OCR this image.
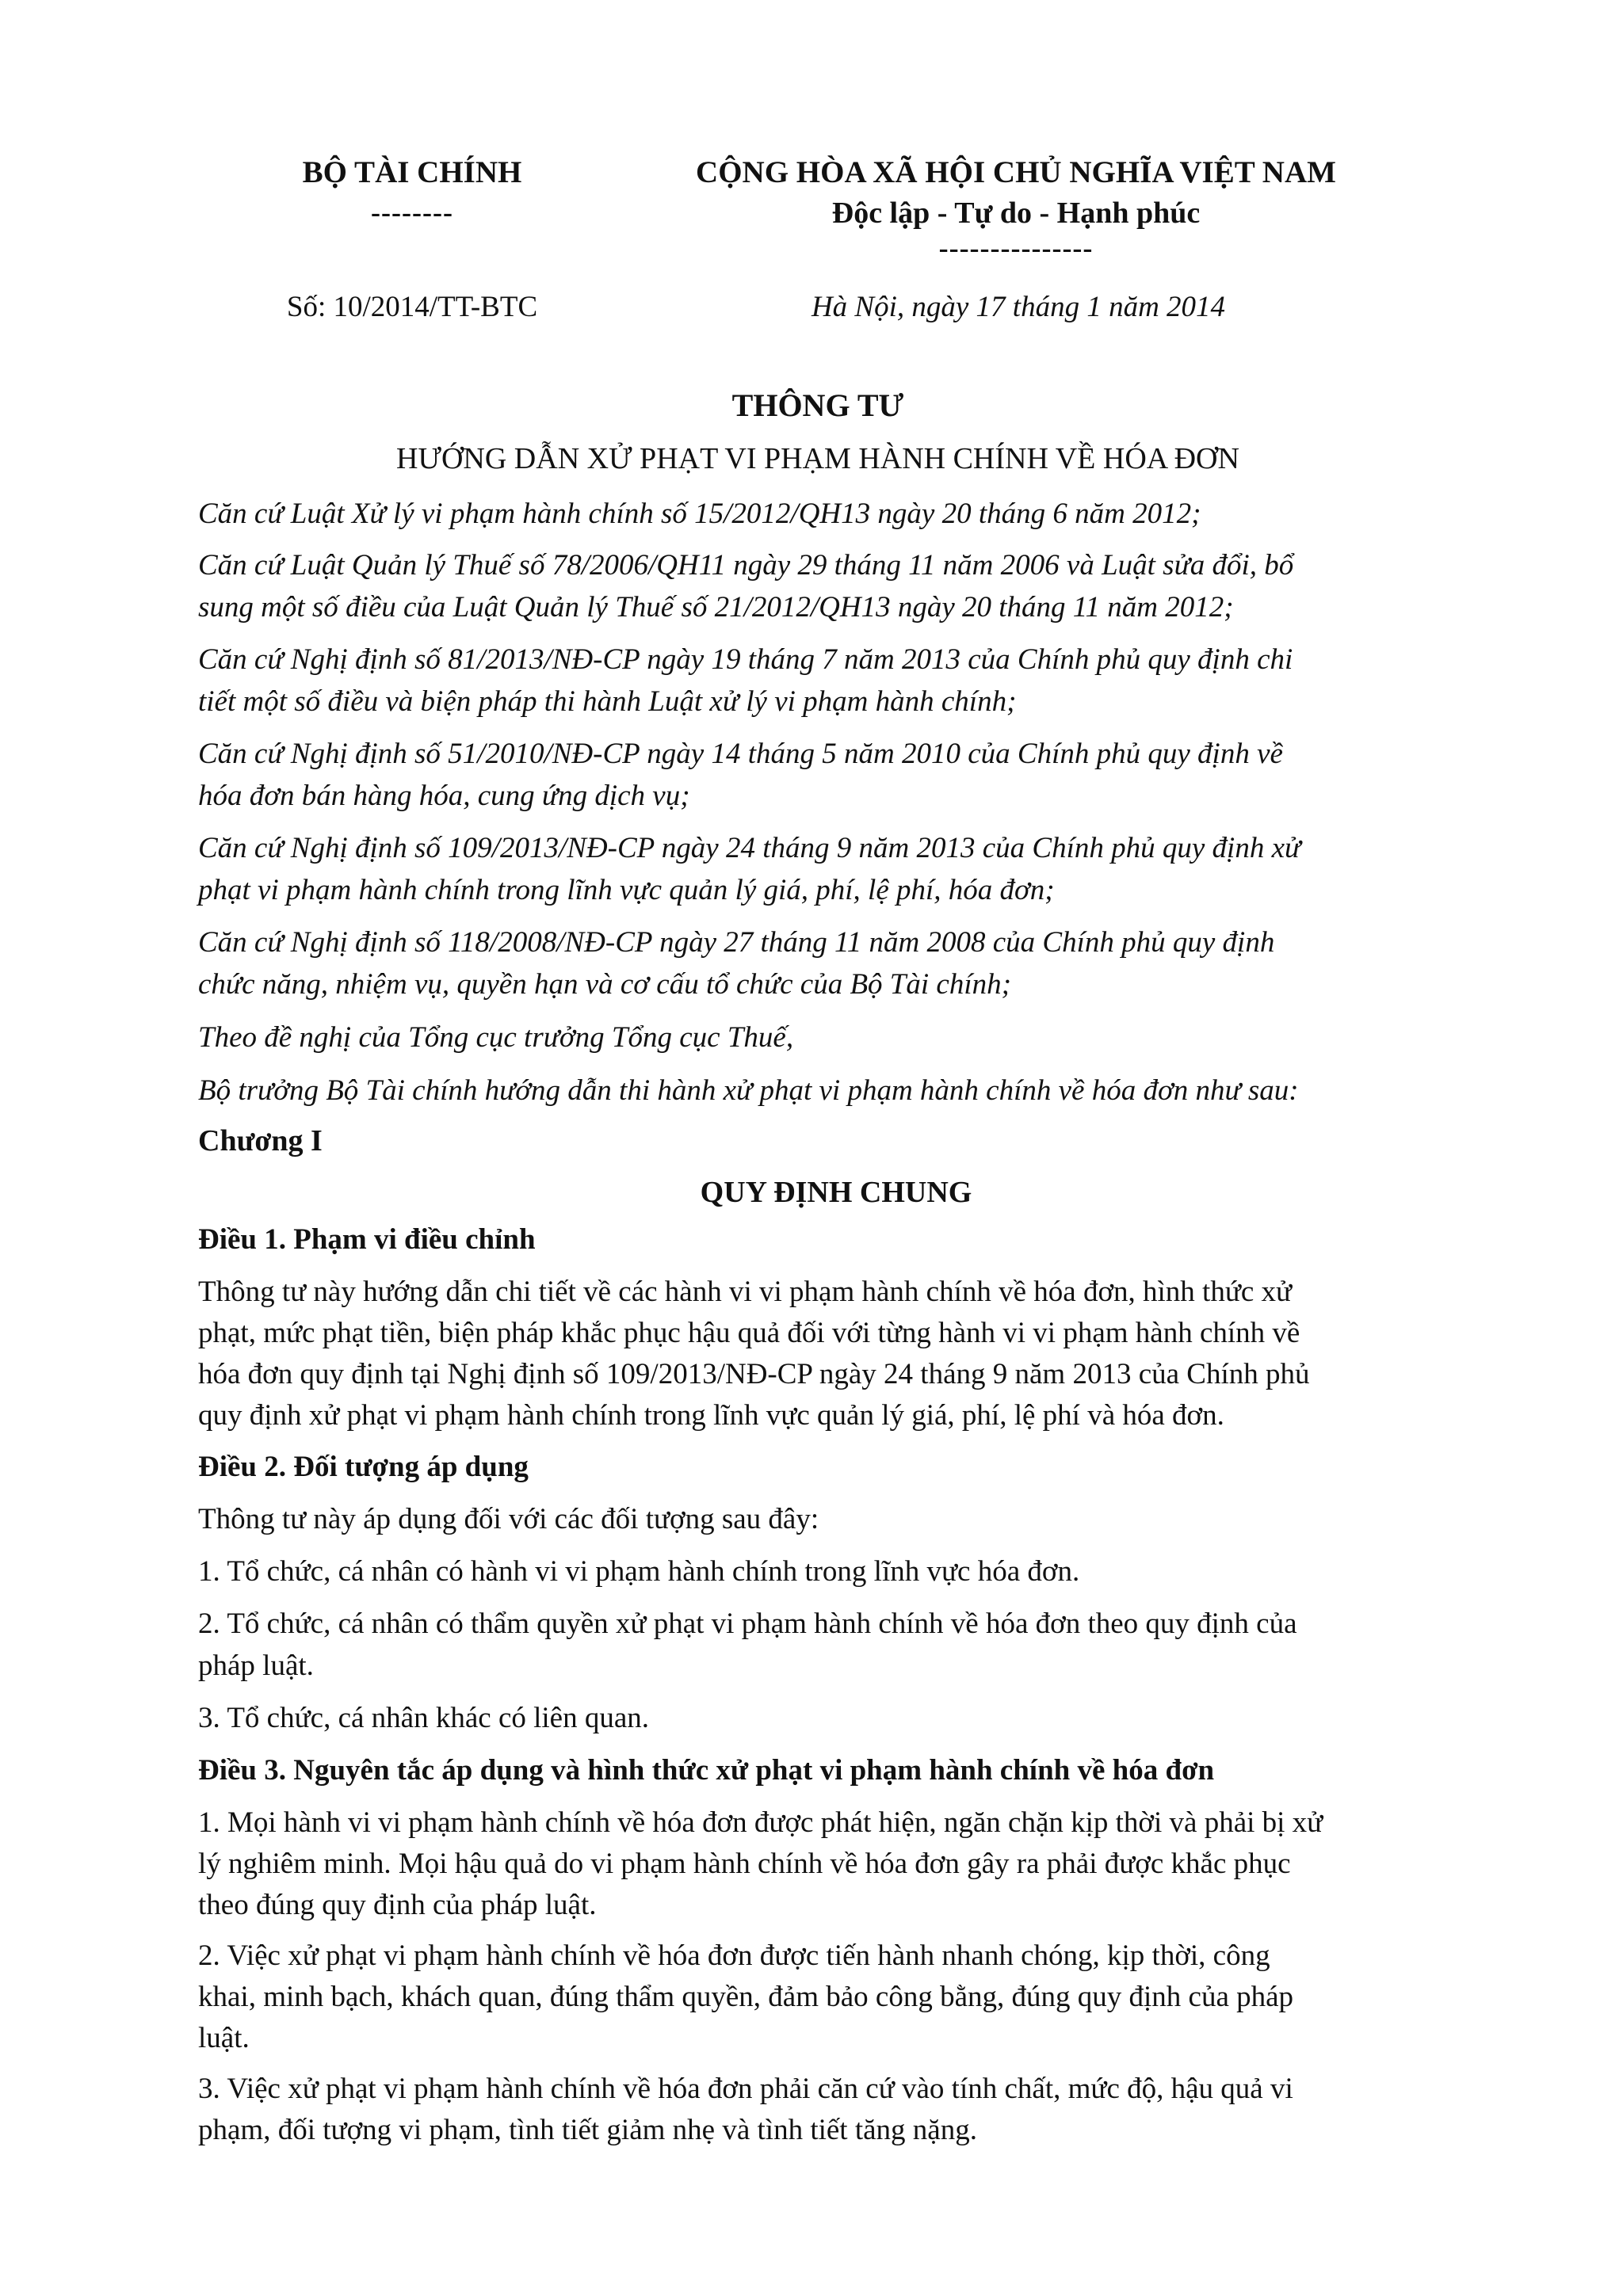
BỘ TÀI CHÍNH
--------
CỘNG HÒA XÃ HỘI CHỦ NGHĨA VIỆT NAM
Độc lập - Tự do - Hạnh phúc
---------------
Số: 10/2014/TT-BTC	Hà Nội, ngày 17 tháng 1 năm 2014
THÔNG TƯ
HƯỚNG DẪN XỬ PHẠT VI PHẠM HÀNH CHÍNH VỀ HÓA ĐƠN

Căn cứ Luật Xử lý vi phạm hành chính số 15/2012/QH13 ngày 20 tháng 6 năm 2012;

Căn cứ Luật Quản lý Thuế số 78/2006/QH11 ngày 29 tháng 11 năm 2006 và Luật sửa đổi, bổ
sung một số điều của Luật Quản lý Thuế số 21/2012/QH13 ngày 20 tháng 11 năm 2012;

Căn cứ Nghị định số 81/2013/NĐ-CP ngày 19 tháng 7 năm 2013 của Chính phủ quy định chi
tiết một số điều và biện pháp thi hành Luật xử lý vi phạm hành chính;

Căn cứ Nghị định số 51/2010/NĐ-CP ngày 14 tháng 5 năm 2010 của Chính phủ quy định về
hóa đơn bán hàng hóa, cung ứng dịch vụ;

Căn cứ Nghị định số 109/2013/NĐ-CP ngày 24 tháng 9 năm 2013 của Chính phủ quy định xử
phạt vi phạm hành chính trong lĩnh vực quản lý giá, phí, lệ phí, hóa đơn;

Căn cứ Nghị định số 118/2008/NĐ-CP ngày 27 tháng 11 năm 2008 của Chính phủ quy định
chức năng, nhiệm vụ, quyền hạn và cơ cấu tổ chức của Bộ Tài chính;

Theo đề nghị của Tổng cục trưởng Tổng cục Thuế,

Bộ trưởng Bộ Tài chính hướng dẫn thi hành xử phạt vi phạm hành chính về hóa đơn như sau:

Chương I
QUY ĐỊNH CHUNG

Điều 1. Phạm vi điều chỉnh

Thông tư này hướng dẫn chi tiết về các hành vi vi phạm hành chính về hóa đơn, hình thức xử
phạt, mức phạt tiền, biện pháp khắc phục hậu quả đối với từng hành vi vi phạm hành chính về
hóa đơn quy định tại Nghị định số 109/2013/NĐ-CP ngày 24 tháng 9 năm 2013 của Chính phủ
quy định xử phạt vi phạm hành chính trong lĩnh vực quản lý giá, phí, lệ phí và hóa đơn.

Điều 2. Đối tượng áp dụng

Thông tư này áp dụng đối với các đối tượng sau đây:

1. Tổ chức, cá nhân có hành vi vi phạm hành chính trong lĩnh vực hóa đơn.

2. Tổ chức, cá nhân có thẩm quyền xử phạt vi phạm hành chính về hóa đơn theo quy định của
pháp luật.

3. Tổ chức, cá nhân khác có liên quan.

Điều 3. Nguyên tắc áp dụng và hình thức xử phạt vi phạm hành chính về hóa đơn

1. Mọi hành vi vi phạm hành chính về hóa đơn được phát hiện, ngăn chặn kịp thời và phải bị xử
lý nghiêm minh. Mọi hậu quả do vi phạm hành chính về hóa đơn gây ra phải được khắc phục
theo đúng quy định của pháp luật.

2. Việc xử phạt vi phạm hành chính về hóa đơn được tiến hành nhanh chóng, kịp thời, công
khai, minh bạch, khách quan, đúng thẩm quyền, đảm bảo công bằng, đúng quy định của pháp
luật.

3. Việc xử phạt vi phạm hành chính về hóa đơn phải căn cứ vào tính chất, mức độ, hậu quả vi
phạm, đối tượng vi phạm, tình tiết giảm nhẹ và tình tiết tăng nặng.
